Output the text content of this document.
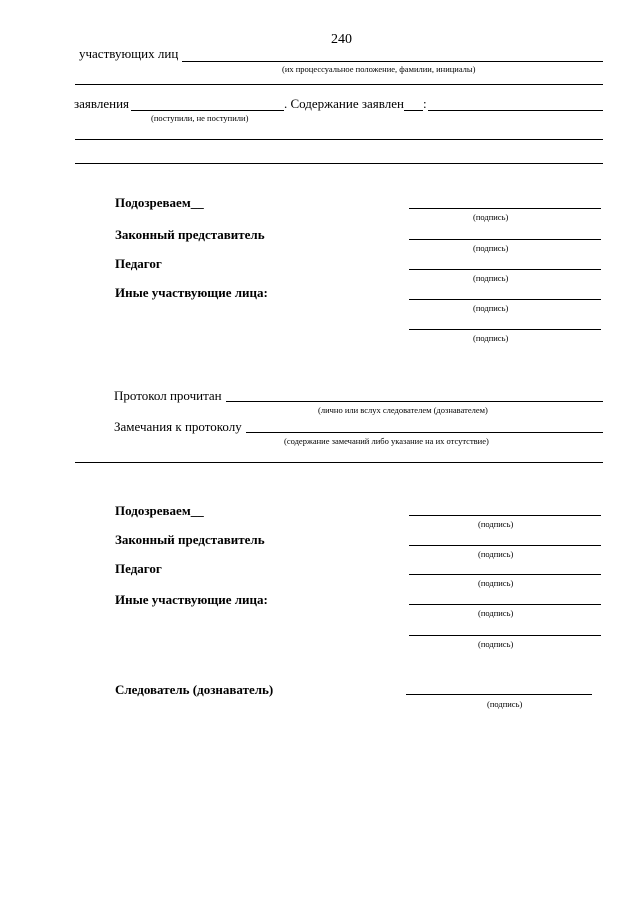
240
участвующих лиц
(их процессуальное положение, фамилии, инициалы)
заявления	. Содержание заявлен :
(поступили, не поступили)
Подозреваем__
(подпись)
Законный представитель
(подпись)
Педагог
(подпись)
Иные участвующие лица:
(подпись)
(подпись)
Протокол прочитан
(лично или вслух следователем (дознавателем)
Замечания к протоколу
(содержание замечаний либо указание на их отсутствие)
Подозреваем__
(подпись)
Законный представитель
(подпись)
Педагог
(подпись)
Иные участвующие лица:
(подпись)
(подпись)
Следователь (дознаватель)
(подпись)
